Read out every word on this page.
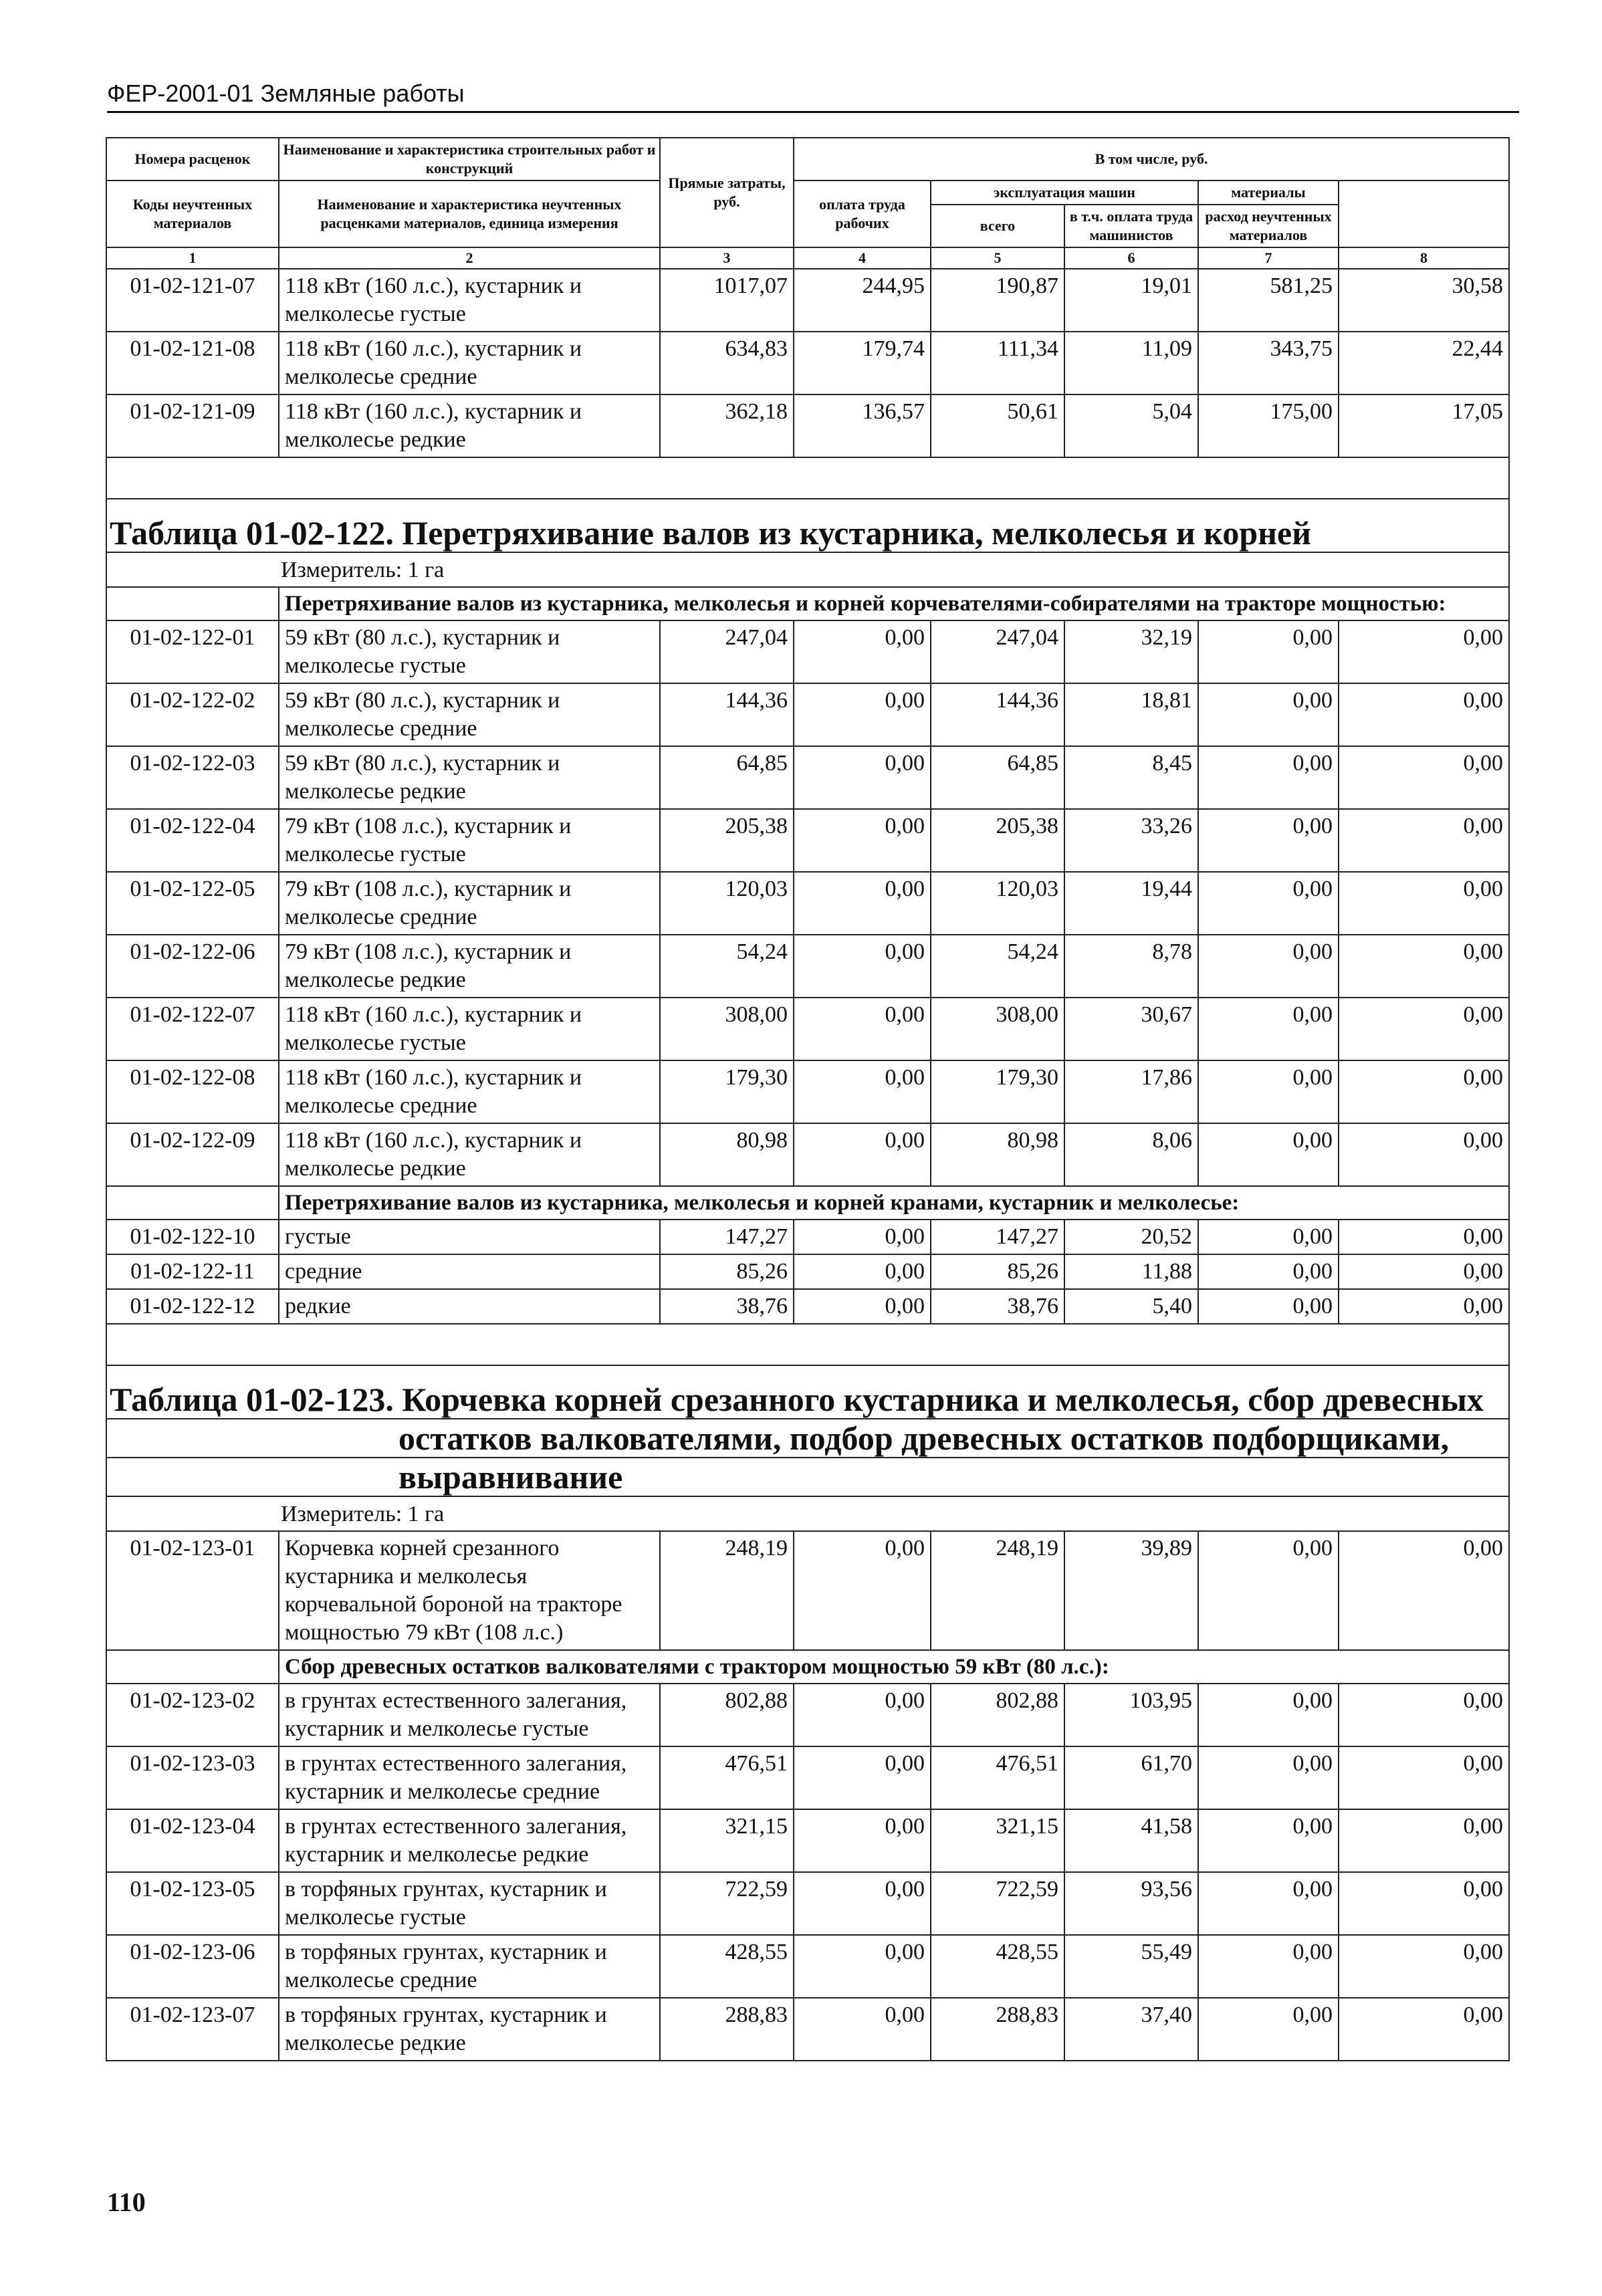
ФЕР-2001-01 Земляные работы
Номера расценок	Наименование и характеристика строительных работ и конструкций	Прямые затраты, руб.	В том числе, руб.	
Коды неучтенных материалов	Наименование и характеристика неучтенных расценками материалов, единица измерения		оплата труда рабочих	эксплуатация машин		материалы		
				всего	в т.ч. оплата труда машинистов	расход неучтенных материалов		
1	2	3	4	5	6	7	8	
01-02-121-07	118 кВт (160 л.с.), кустарник и мелколесье густые	1017,07	244,95	190,87	19,01	581,25	30,58	
01-02-121-08	118 кВт (160 л.с.), кустарник и мелколесье средние	634,83	179,74	111,34	11,09	343,75	22,44	
01-02-121-09	118 кВт (160 л.с.), кустарник и мелколесье редкие	362,18	136,57	50,61	5,04	175,00	17,05	

Таблица 01-02-122. Перетряхивание валов из кустарника, мелколесья и корней								
Измеритель: 1 га								
	Перетряхивание валов из кустарника, мелколесья и корней корчевателями-собирателями на тракторе мощностью:							
01-02-122-01	59 кВт (80 л.с.), кустарник и мелколесье густые	247,04	0,00	247,04	32,19	0,00	0,00	
01-02-122-02	59 кВт (80 л.с.), кустарник и мелколесье средние	144,36	0,00	144,36	18,81	0,00	0,00	
01-02-122-03	59 кВт (80 л.с.), кустарник и мелколесье редкие	64,85	0,00	64,85	8,45	0,00	0,00	
01-02-122-04	79 кВт (108 л.с.), кустарник и мелколесье густые	205,38	0,00	205,38	33,26	0,00	0,00	
01-02-122-05	79 кВт (108 л.с.), кустарник и мелколесье средние	120,03	0,00	120,03	19,44	0,00	0,00	
01-02-122-06	79 кВт (108 л.с.), кустарник и мелколесье редкие	54,24	0,00	54,24	8,78	0,00	0,00	
01-02-122-07	118 кВт (160 л.с.), кустарник и мелколесье густые	308,00	0,00	308,00	30,67	0,00	0,00	
01-02-122-08	118 кВт (160 л.с.), кустарник и мелколесье средние	179,30	0,00	179,30	17,86	0,00	0,00	
01-02-122-09	118 кВт (160 л.с.), кустарник и мелколесье редкие	80,98	0,00	80,98	8,06	0,00	0,00	
	Перетряхивание валов из кустарника, мелколесья и корней кранами, кустарник и мелколесье:							
01-02-122-10	густые	147,27	0,00	147,27	20,52	0,00	0,00	
01-02-122-11	средние	85,26	0,00	85,26	11,88	0,00	0,00	
01-02-122-12	редкие	38,76	0,00	38,76	5,40	0,00	0,00	

Таблица 01-02-123. Корчевка корней срезанного кустарника и мелколесья, сбор древесных								
остатков валкователями, подбор древесных остатков подборщиками,								
выравнивание								
Измеритель: 1 га								
01-02-123-01	Корчевка корней срезанного кустарника и мелколесья корчевальной бороной на тракторе мощностью 79 кВт (108 л.с.)	248,19	0,00	248,19	39,89	0,00	0,00	
	Сбор древесных остатков валкователями с трактором мощностью 59 кВт (80 л.с.):							
01-02-123-02	в грунтах естественного залегания, кустарник и мелколесье густые	802,88	0,00	802,88	103,95	0,00	0,00	
01-02-123-03	в грунтах естественного залегания, кустарник и мелколесье средние	476,51	0,00	476,51	61,70	0,00	0,00	
01-02-123-04	в грунтах естественного залегания, кустарник и мелколесье редкие	321,15	0,00	321,15	41,58	0,00	0,00	
01-02-123-05	в торфяных грунтах, кустарник и мелколесье густые	722,59	0,00	722,59	93,56	0,00	0,00	
01-02-123-06	в торфяных грунтах, кустарник и мелколесье средние	428,55	0,00	428,55	55,49	0,00	0,00	
01-02-123-07	в торфяных грунтах, кустарник и мелколесье редкие	288,83	0,00	288,83	37,40	0,00	0,00	
110
